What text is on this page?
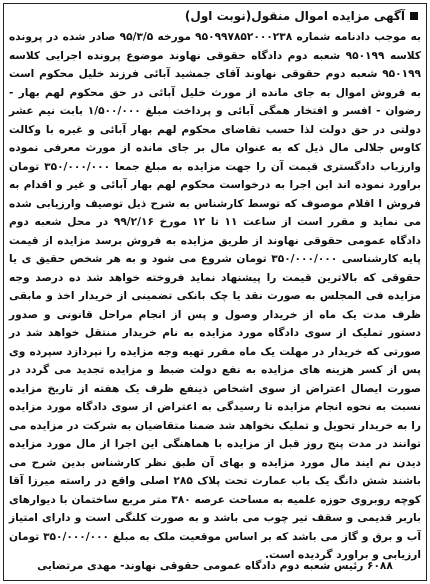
آگهی مزایده اموال منقول(نوبت اول)
به موجب دادنامه شماره ۹۵۰۹۹۷۸۵۲۰۰۰۲۳۸ مورخه ۹۵/۳/۵ صادر شده در پرونده کلاسه ۹۵۰۱۹۹ شعبه دوم دادگاه حقوقی نهاوند موضوع پرونده اجرایی کلاسه ۹۵۰۱۹۹ شعبه دوم حقوقی نهاوند آقای جمشید آبائی فرزند خلیل محکوم است به فروش اموال به جای مانده از مورث خلیل آبائی در حق محکوم لهم بهار - رضوان - افسر و افتخار همگی آبائی و پرداخت مبلغ ۱/۵۰۰/۰۰۰ بابت نیم عشر دولتی در حق دولت لذا حسب تقاضای محکوم لهم بهار آبائی و غیره با وکالت کاوس جلالی مال ذیل که به عنوان مال بر جای مانده از مورث معرفی نموده وارزیاب دادگستری قیمت آن را جهت مزایده به مبلغ جمعا ۳۵۰/۰۰۰/۰۰۰ تومان براورد نموده اند این اجرا به درخواست محکوم لهم بهار آبائی و غیر و اقدام به فروش ا اقلام موصوف که توسط کارشناس به شرح ذیل توصیف وارزیابی شده می نماید و مقرر است از ساعت ۱۱ تا ۱۲ مورخ ۹۹/۲/۱۶ در محل شعبه دوم دادگاه عمومی حقوقی نهاوند از طریق مزایده به فروش برسد مزایده از قیمت پایه کارشناسی ۳۵۰/۰۰۰/۰۰۰ تومان شروع می شود و به هر شخص حقیق ی یا حقوقی که بالاترین قیمت را پیشنهاد نماید فروخته خواهد شد ده درصد وجه مزایده فی المجلس به صورت نقد یا چک بانکی تضمینی از خریدار اخذ و مابقی ظرف مدت یک ماه از خریدار وصول و پس از انجام مراحل قانونی و صدور دستور تملیک از سوی دادگاه مورد مزایده به نام خریدار منتقل خواهد شد در صورتی که خریدار در مهلت یک ماه مقرر تهیه وجه مزایده را نپردازد سپرده وی پس از کسر هزینه های مزایده به نفع دولت ضبط و مزایده تجدید می گردد در صورت ایصال اعتراض از سوی اشخاص ذینفع ظرف یک هفته از تاریخ مزایده نسبت به نحوه انجام مزایده تا رسیدگی به اعتراض از سوی دادگاه مورد مزایده را به خریدار تحویل و تملیک نخواهد شد ضمنا متقاضیان به شرکت در مزایده می توانند در مدت پنج روز قبل از مزایده با هماهنگی این اجرا از مال مورد مزایده دیدن نم ایند مال مورد مزایده و بهای آن طبق نظر کارشناس بدین شرح می باشند شش دانگ یک باب عمارت تحت پلاک ۲۸۵ اصلی واقع در راسته میرزا آقا کوچه روبروی حوزه علمیه به مساحت عرصه ۳۸۰ متر مربع ساختمان با دیوارهای باربر قدیمی و سقف تیر چوب می باشد و به صورت کلنگی است و دارای امتیاز آب و برق و گاز می باشد که بر اساس موقعیت ملک به مبلغ ۳۵۰/۰۰۰/۰۰۰ تومان ارزیابی و براورد گردیده است.
۶۰۸۸ رئیس شعبه دوم دادگاه عمومی حقوقی نهاوند- مهدی مرتضایی
